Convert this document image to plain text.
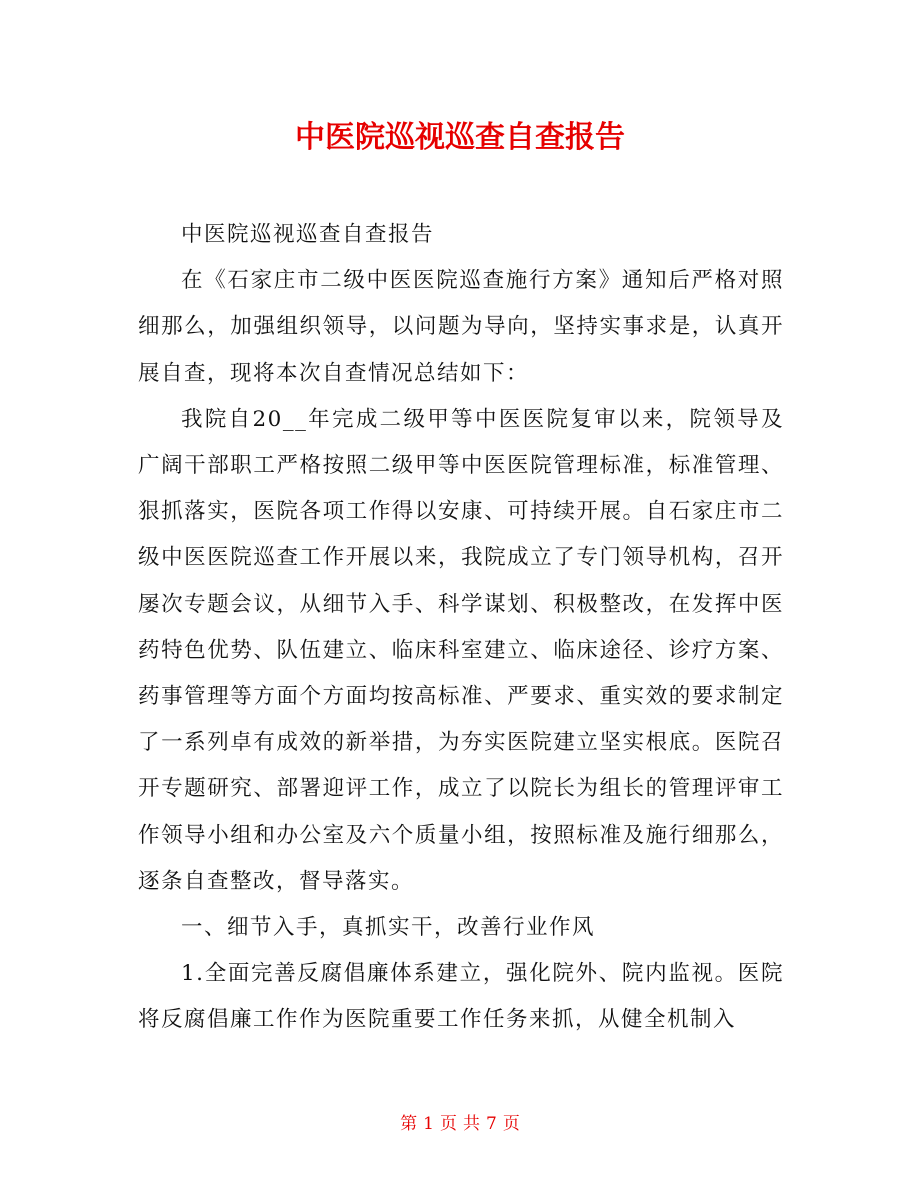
中医院巡视巡查自查报告

中医院巡视巡查自查报告

在《石家庄市二级中医医院巡查施行方案》通知后严格对照细那么，加强组织领导，以问题为导向，坚持实事求是，认真开展自查，现将本次自查情况总结如下：

我院自20__年完成二级甲等中医医院复审以来，院领导及广阔干部职工严格按照二级甲等中医医院管理标准，标准管理、狠抓落实，医院各项工作得以安康、可持续开展。自石家庄市二级中医医院巡查工作开展以来，我院成立了专门领导机构，召开屡次专题会议，从细节入手、科学谋划、积极整改，在发挥中医药特色优势、队伍建立、临床科室建立、临床途径、诊疗方案、药事管理等方面个方面均按高标准、严要求、重实效的要求制定了一系列卓有成效的新举措，为夯实医院建立坚实根底。医院召开专题研究、部署迎评工作，成立了以院长为组长的管理评审工作领导小组和办公室及六个质量小组，按照标准及施行细那么，逐条自查整改，督导落实。

一、细节入手，真抓实干，改善行业作风

1.全面完善反腐倡廉体系建立，强化院外、院内监视。医院将反腐倡廉工作作为医院重要工作任务来抓，从健全机制入

第 1 页 共 7 页
